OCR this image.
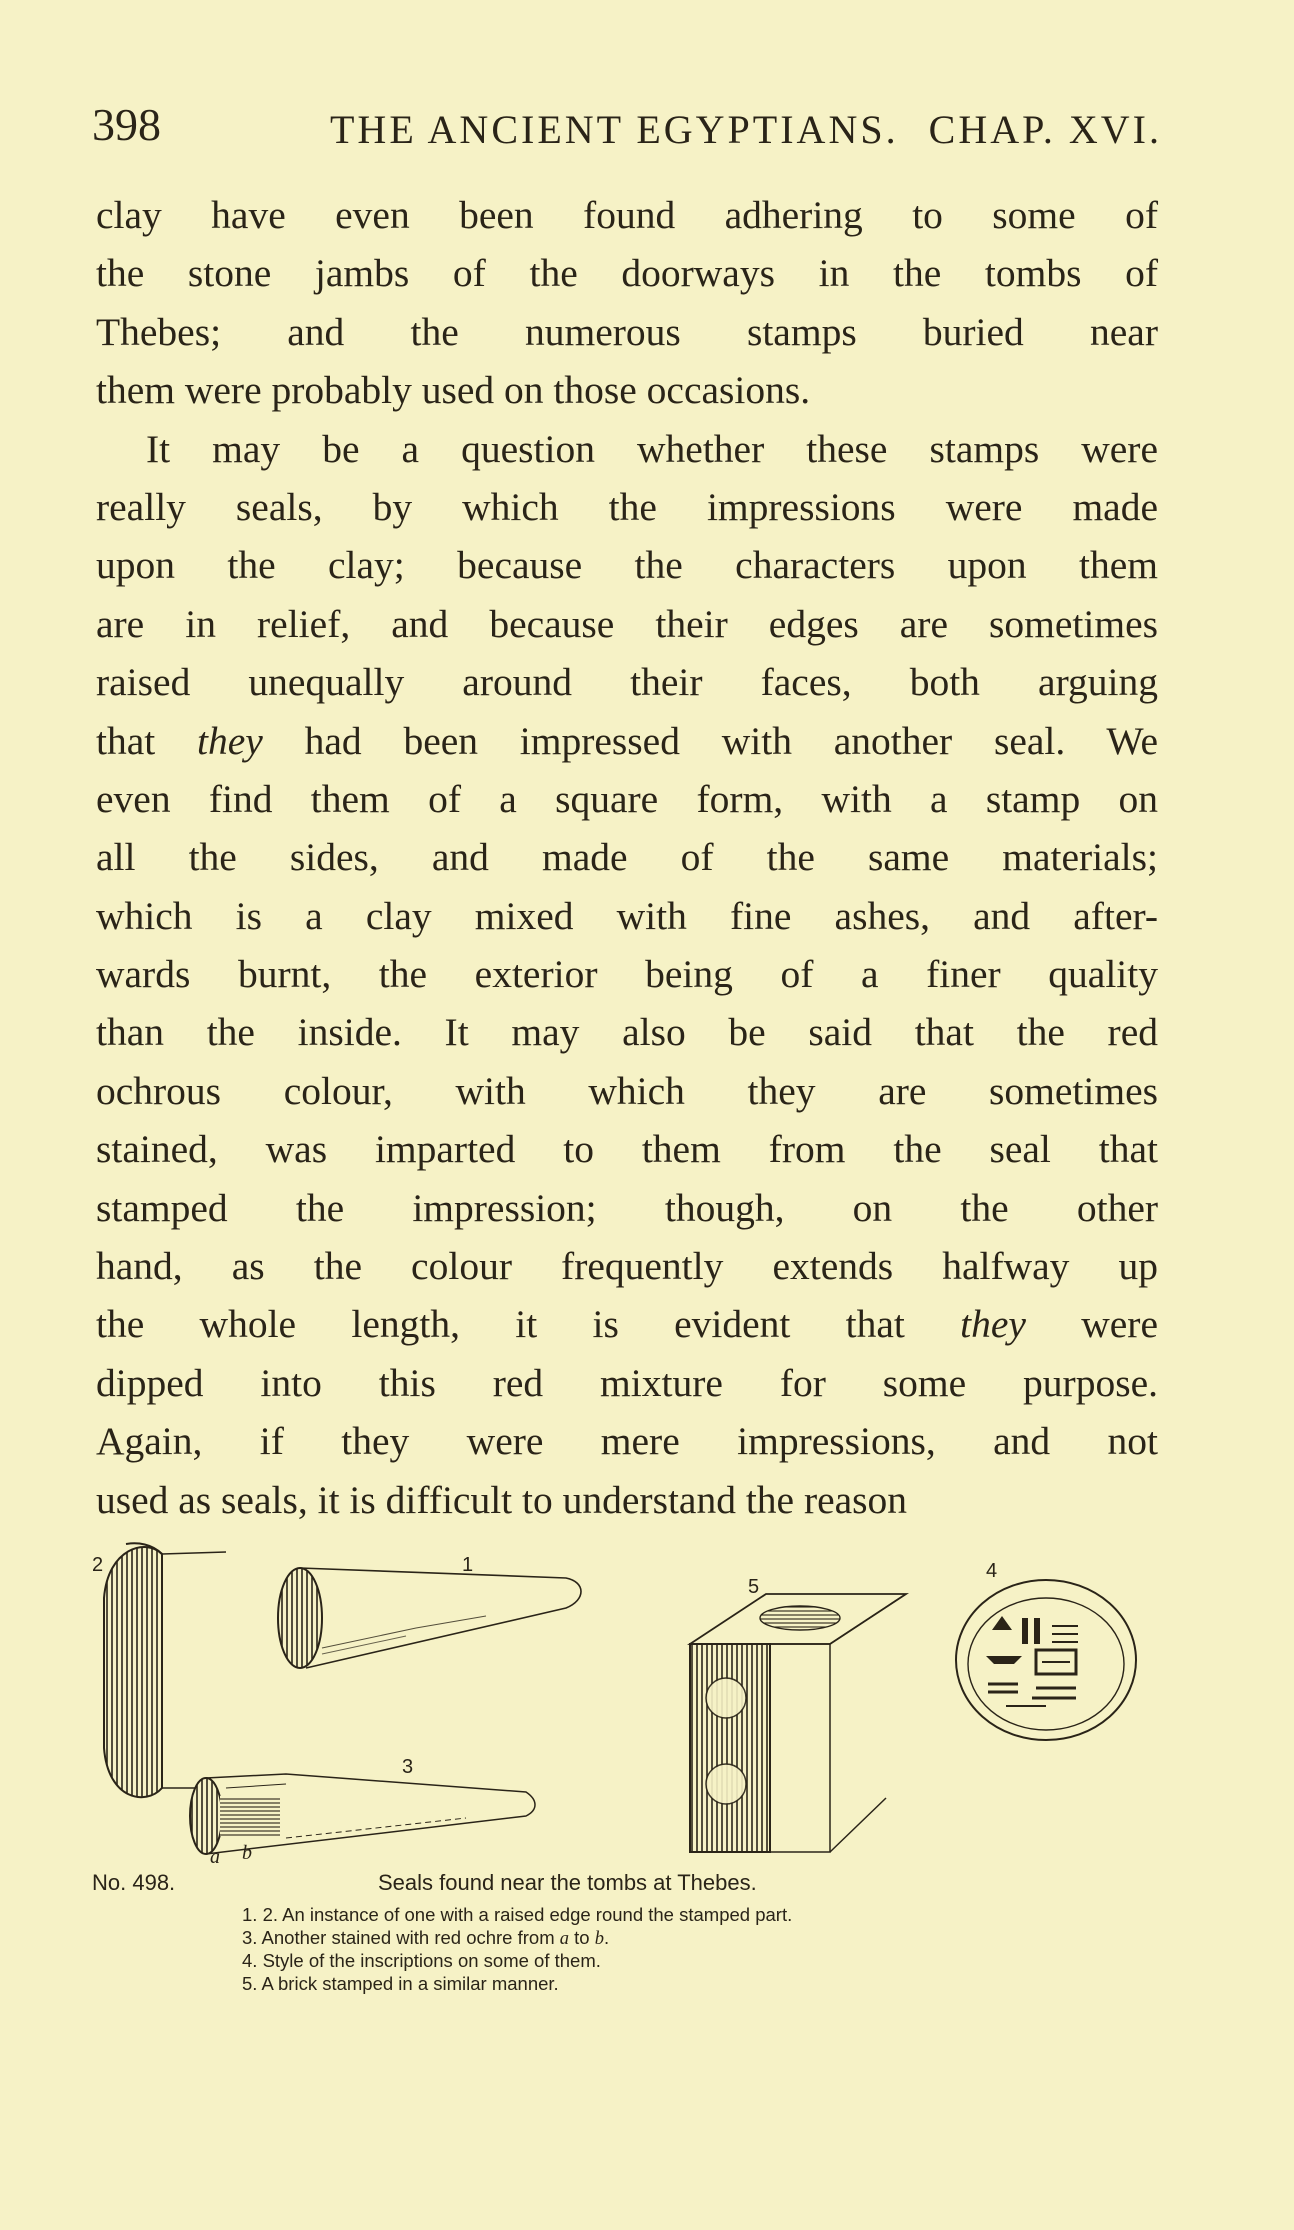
398	THE ANCIENT EGYPTIANS. CHAP. XVI.
clay have even been found adhering to some of
the stone jambs of the doorways in the tombs of
Thebes; and the numerous stamps buried near
them were probably used on those occasions.
It may be a question whether these stamps were
really seals, by which the impressions were made
upon the clay; because the characters upon them
are in relief, and because their edges are sometimes
raised unequally around their faces, both arguing
that they had been impressed with another seal. We
even find them of a square form, with a stamp on
all the sides, and made of the same materials;
which is a clay mixed with fine ashes, and after-
wards burnt, the exterior being of a finer quality
than the inside. It may also be said that the red
ochrous colour, with which they are sometimes
stained, was imparted to them from the seal that
stamped the impression; though, on the other
hand, as the colour frequently extends halfway up
the whole length, it is evident that they were
dipped into this red mixture for some purpose.
Again, if they were mere impressions, and not
used as seals, it is difficult to understand the reason
2	1
5
4
3
a b
No. 498.	Seals found near the tombs at Thebes.
1. 2. An instance of one with a raised edge round the stamped part.
3. Another stained with red ochre from a to b.
4. Style of the inscriptions on some of them.
5. A brick stamped in a similar manner.
